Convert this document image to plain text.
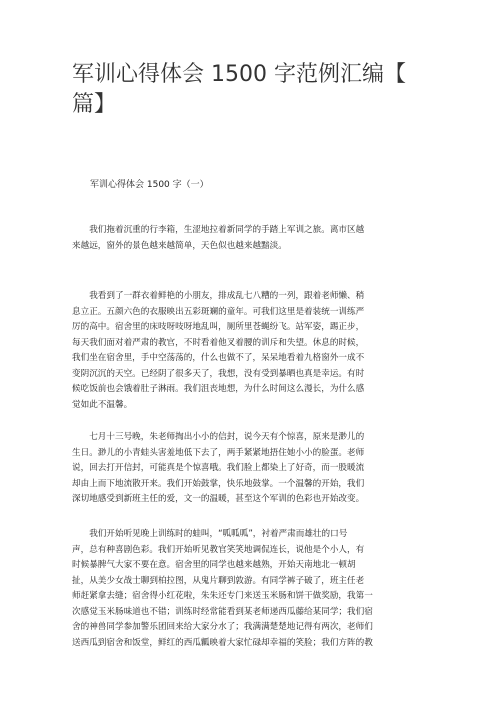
军训心得体会 1500 字范例汇编【
篇】
军训心得体会 1500 字（一）

　　我们拖着沉重的行李箱，生涩地拉着新同学的手踏上军训之旅。离市区越
来越远，窗外的景色越来越简单，天色似也越来越黯淡。

　　我看到了一群衣着鲜艳的小朋友，排成乱七八糟的一列，跟着老师懒、稍
息立正。五颜六色的衣服映出五彩斑斓的童年。可我们这里是着装统一训练严
厉的高中。宿舍里的床吱呀吱呀地乱叫，厕所里苍蝇纷飞。站军姿，踢正步，
每天我们面对着严肃的教官，不时看着他叉着腰的训斥和失望。休息的时候，
我们坐在宿舍里，手中空荡荡的，什么也做不了，呆呆地看着九格窗外一成不
变阴沉沉的天空。已经阴了很多天了，我想，没有受到暴晒也真是幸运。有时
候吃饭前也会饿着肚子淋雨。我们沮丧地想，为什么时间这么漫长，为什么感
觉如此不温馨。

　　七月十三号晚，朱老师掏出小小的信封，说今天有个惊喜，原来是渺儿的
生日。渺儿的小青蛙头害羞地低下去了，两手紧紧地捂住她小小的脸蛋。老师
说，回去打开信封，可能真是个惊喜哦。我们脸上都染上了好奇，而一股暖流
却由上而下地流散开来。我们开始鼓掌，快乐地鼓掌。一个温馨的开始，我们
深切地感受到新班主任的爱，文一的温暖，甚至这个军训的色彩也开始改变。

　　我们开始听见晚上训练时的蛙叫，“呱呱呱”，衬着严肃而雄壮的口号
声，总有种喜剧色彩。我们开始听见教官笑笑地调侃连长，说他是个小人，有
时候暴脾气大家不要在意。宿舍里的同学也越来越熟，开始天南地北一顿胡
扯，从美少女战士聊到柏拉图，从鬼片聊到敦游。有同学裤子破了，班主任老
师赶紧拿去缝；宿舍得小红花啦，朱朱还专门来送玉米肠和饼干做奖励，我第一
次感觉玉米肠味道也不错；训练时经常能看到某老师递西瓜藤给某同学；我们宿
舍的神兽同学参加警乐团回来给大家分水了；我满满楚楚地记得有两次，老师们
送西瓜到宿舍和饭堂，鲜红的西瓜瓤映着大家忙碌却幸福的笑脸；我们方阵的教
